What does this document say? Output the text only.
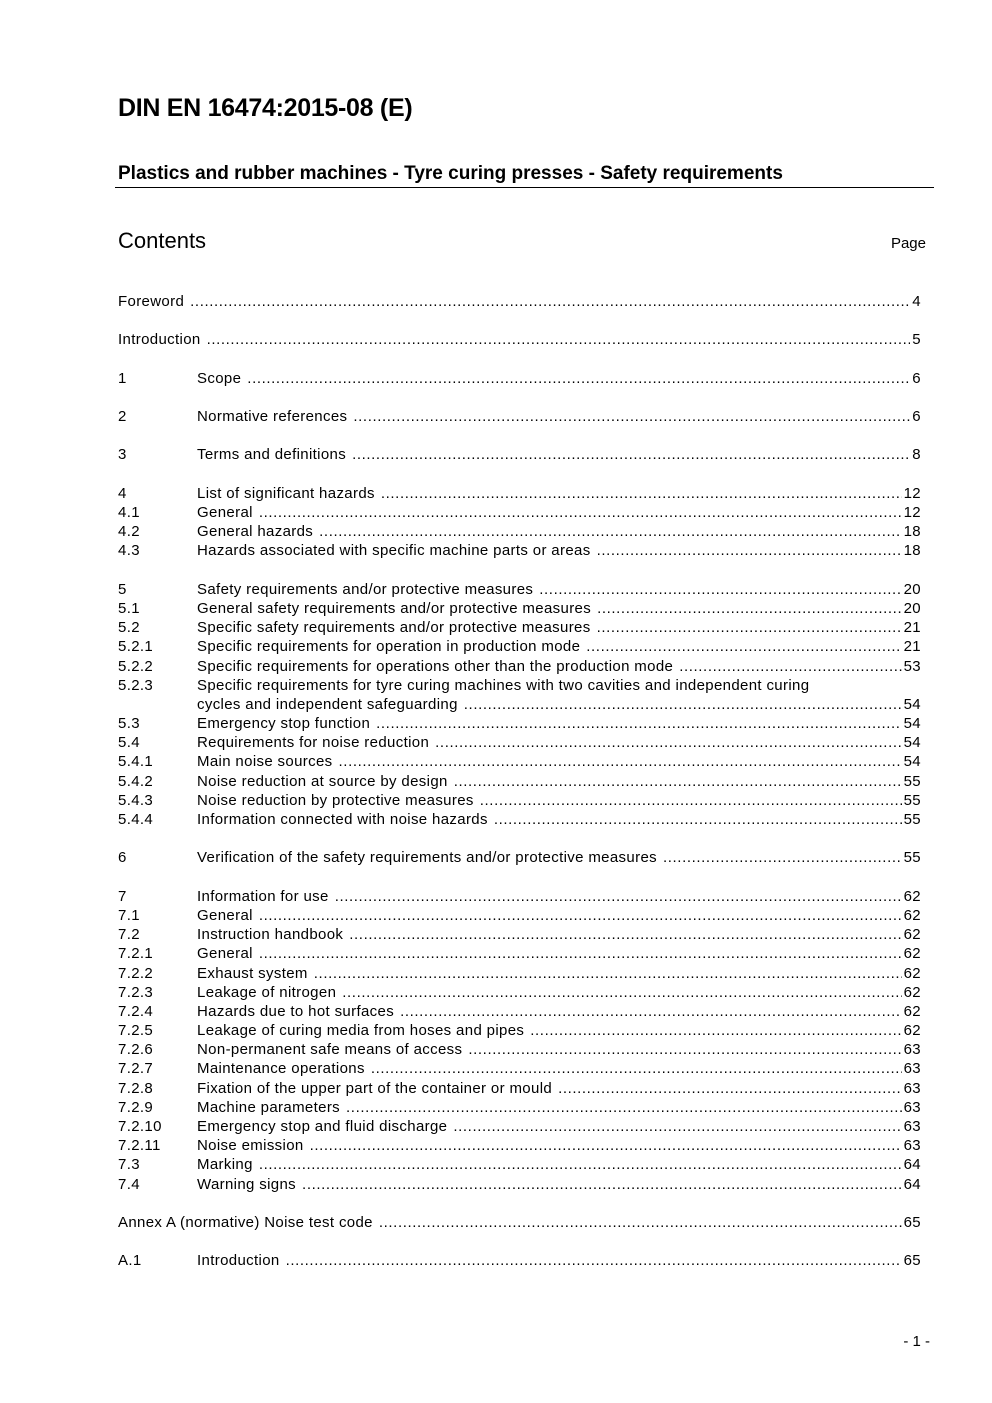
DIN EN 16474:2015-08 (E)
Plastics and rubber machines - Tyre curing presses - Safety requirements
Contents	Page
Foreword .....	4
Introduction .....	5
1	Scope .....	6
2	Normative references .....	6
3	Terms and definitions .....	8
4	List of significant hazards .....	12
4.1	General .....	12
4.2	General hazards .....	18
4.3	Hazards associated with specific machine parts or areas .....	18
5	Safety requirements and/or protective measures .....	20
5.1	General safety requirements and/or protective measures .....	20
5.2	Specific safety requirements and/or protective measures .....	21
5.2.1	Specific requirements for operation in production mode .....	21
5.2.2	Specific requirements for operations other than the production mode .....	53
5.2.3	Specific requirements for tyre curing machines with two cavities and independent curing
cycles and independent safeguarding .....	54
5.3	Emergency stop function .....	54
5.4	Requirements for noise reduction .....	54
5.4.1	Main noise sources .....	54
5.4.2	Noise reduction at source by design .....	55
5.4.3	Noise reduction by protective measures .....	55
5.4.4	Information connected with noise hazards .....	55
6	Verification of the safety requirements and/or protective measures .....	55
7	Information for use .....	62
7.1	General .....	62
7.2	Instruction handbook .....	62
7.2.1	General .....	62
7.2.2	Exhaust system .....	62
7.2.3	Leakage of nitrogen .....	62
7.2.4	Hazards due to hot surfaces .....	62
7.2.5	Leakage of curing media from hoses and pipes .....	62
7.2.6	Non-permanent safe means of access .....	63
7.2.7	Maintenance operations .....	63
7.2.8	Fixation of the upper part of the container or mould .....	63
7.2.9	Machine parameters .....	63
7.2.10	Emergency stop and fluid discharge .....	63
7.2.11	Noise emission .....	63
7.3	Marking .....	64
7.4	Warning signs .....	64
Annex A (normative) Noise test code .....	65
A.1	Introduction .....	65
- 1 -
